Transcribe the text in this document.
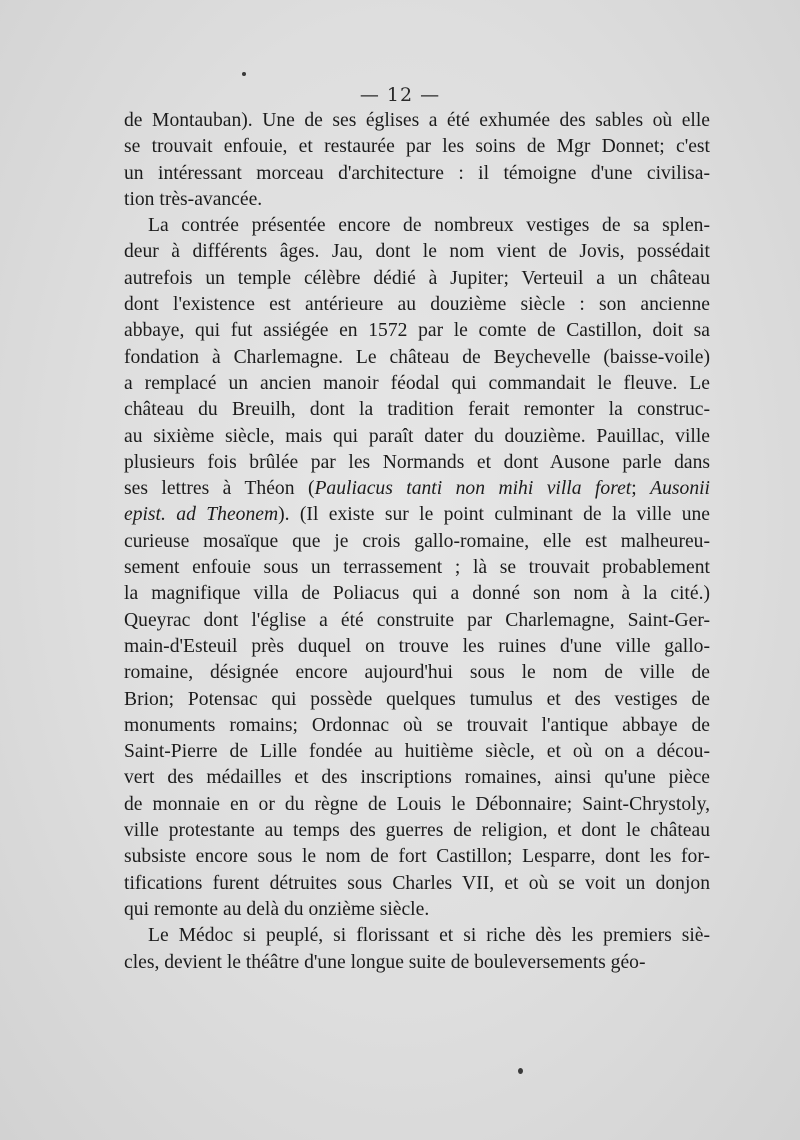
— 12 —
de Montauban). Une de ses églises a été exhumée des sables où elle
se trouvait enfouie, et restaurée par les soins de Mgr Donnet; c'est
un intéressant morceau d'architecture : il témoigne d'une civilisa-
tion très-avancée.
La contrée présentée encore de nombreux vestiges de sa splen-
deur à différents âges. Jau, dont le nom vient de Jovis, possédait
autrefois un temple célèbre dédié à Jupiter; Verteuil a un château
dont l'existence est antérieure au douzième siècle : son ancienne
abbaye, qui fut assiégée en 1572 par le comte de Castillon, doit sa
fondation à Charlemagne. Le château de Beychevelle (baisse-voile)
a remplacé un ancien manoir féodal qui commandait le fleuve. Le
château du Breuilh, dont la tradition ferait remonter la construc-
au sixième siècle, mais qui paraît dater du douzième. Pauillac, ville
plusieurs fois brûlée par les Normands et dont Ausone parle dans
ses lettres à Théon (Pauliacus tanti non mihi villa foret; Ausonii
epist. ad Theonem). (Il existe sur le point culminant de la ville une
curieuse mosaïque que je crois gallo-romaine, elle est malheureu-
sement enfouie sous un terrassement ; là se trouvait probablement
la magnifique villa de Poliacus qui a donné son nom à la cité.)
Queyrac dont l'église a été construite par Charlemagne, Saint-Ger-
main-d'Esteuil près duquel on trouve les ruines d'une ville gallo-
romaine, désignée encore aujourd'hui sous le nom de ville de
Brion; Potensac qui possède quelques tumulus et des vestiges de
monuments romains; Ordonnac où se trouvait l'antique abbaye de
Saint-Pierre de Lille fondée au huitième siècle, et où on a décou-
vert des médailles et des inscriptions romaines, ainsi qu'une pièce
de monnaie en or du règne de Louis le Débonnaire; Saint-Chrystoly,
ville protestante au temps des guerres de religion, et dont le château
subsiste encore sous le nom de fort Castillon; Lesparre, dont les for-
tifications furent détruites sous Charles VII, et où se voit un donjon
qui remonte au delà du onzième siècle.
Le Médoc si peuplé, si florissant et si riche dès les premiers siè-
cles, devient le théâtre d'une longue suite de bouleversements géo-
